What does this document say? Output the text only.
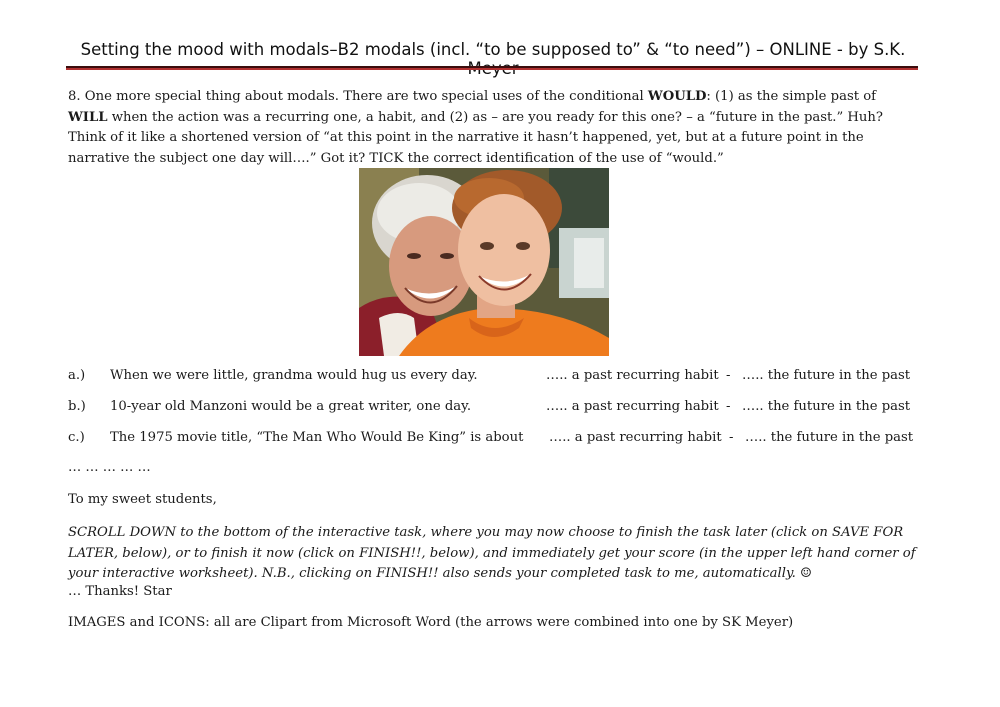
Setting the mood with modals–B2 modals (incl. “to be supposed to” & “to need”) – ONLINE - by S.K.
8. One more special thing about modals. There are two special uses of the conditional WOULD: (1) as the simple past of WILL when the action was a recurring one, a habit, and (2) as – are you ready for this one? – a “future in the past.” Huh? Think of it like a shortened version of “at this point in the narrative it hasn’t happened, yet, but at a future point in the narrative the subject one day will….” Got it? TICK the correct identification of the use of “would.”
a.) When we were little, grandma would hug us every day.	….. a past recurring habit - ….. the future in the past
b.) 10-year old Manzoni would be a great writer, one day.	….. a past recurring habit - ….. the future in the past
c.) The 1975 movie title, “The Man Who Would Be King” is about ….. a past recurring habit - ….. the future in the past
… … … … …
To my sweet students,
SCROLL DOWN to the bottom of the interactive task, where you may now choose to finish the task later (click on SAVE FOR LATER, below), or to finish it now (click on FINISH!!, below), and immediately get your score (in the upper left hand corner of your interactive worksheet). N.B., clicking on FINISH!! also sends your completed task to me, automatically. ☺
… Thanks! Star
IMAGES and ICONS: all are Clipart from Microsoft Word (the arrows were combined into one by SK Meyer)
